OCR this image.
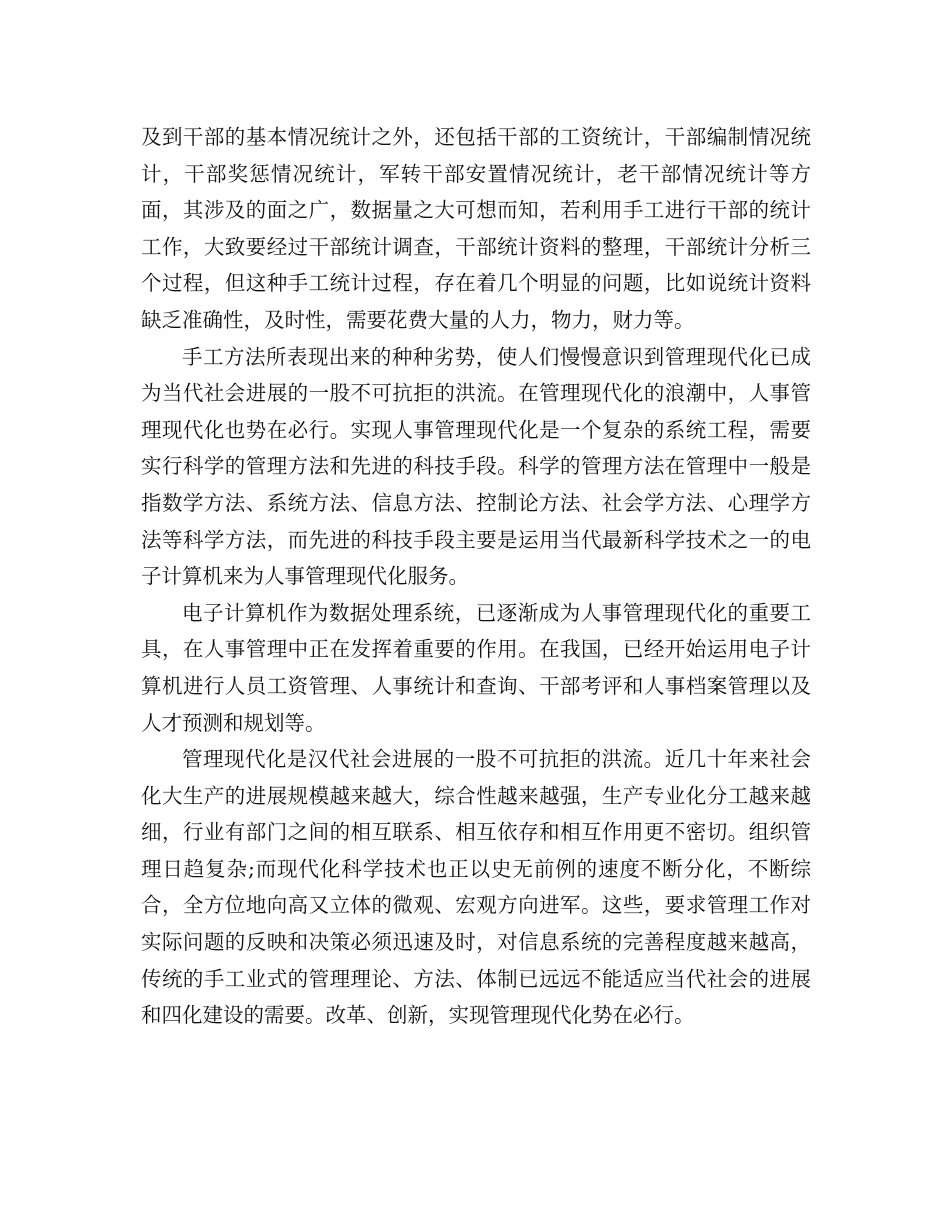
及到干部的基本情况统计之外，还包括干部的工资统计，干部编制情况统计，干部奖惩情况统计，军转干部安置情况统计，老干部情况统计等方面，其涉及的面之广，数据量之大可想而知，若利用手工进行干部的统计工作，大致要经过干部统计调查，干部统计资料的整理，干部统计分析三个过程，但这种手工统计过程，存在着几个明显的问题，比如说统计资料缺乏准确性，及时性，需要花费大量的人力，物力，财力等。

手工方法所表现出来的种种劣势，使人们慢慢意识到管理现代化已成为当代社会进展的一股不可抗拒的洪流。在管理现代化的浪潮中，人事管理现代化也势在必行。实现人事管理现代化是一个复杂的系统工程，需要实行科学的管理方法和先进的科技手段。科学的管理方法在管理中一般是指数学方法、系统方法、信息方法、控制论方法、社会学方法、心理学方法等科学方法，而先进的科技手段主要是运用当代最新科学技术之一的电子计算机来为人事管理现代化服务。

电子计算机作为数据处理系统，已逐渐成为人事管理现代化的重要工具，在人事管理中正在发挥着重要的作用。在我国，已经开始运用电子计算机进行人员工资管理、人事统计和查询、干部考评和人事档案管理以及人才预测和规划等。

管理现代化是汉代社会进展的一股不可抗拒的洪流。近几十年来社会化大生产的进展规模越来越大，综合性越来越强，生产专业化分工越来越细，行业有部门之间的相互联系、相互依存和相互作用更不密切。组织管理日趋复杂;而现代化科学技术也正以史无前例的速度不断分化，不断综合，全方位地向高又立体的微观、宏观方向进军。这些，要求管理工作对实际问题的反映和决策必须迅速及时，对信息系统的完善程度越来越高，传统的手工业式的管理理论、方法、体制已远远不能适应当代社会的进展和四化建设的需要。改革、创新，实现管理现代化势在必行。
